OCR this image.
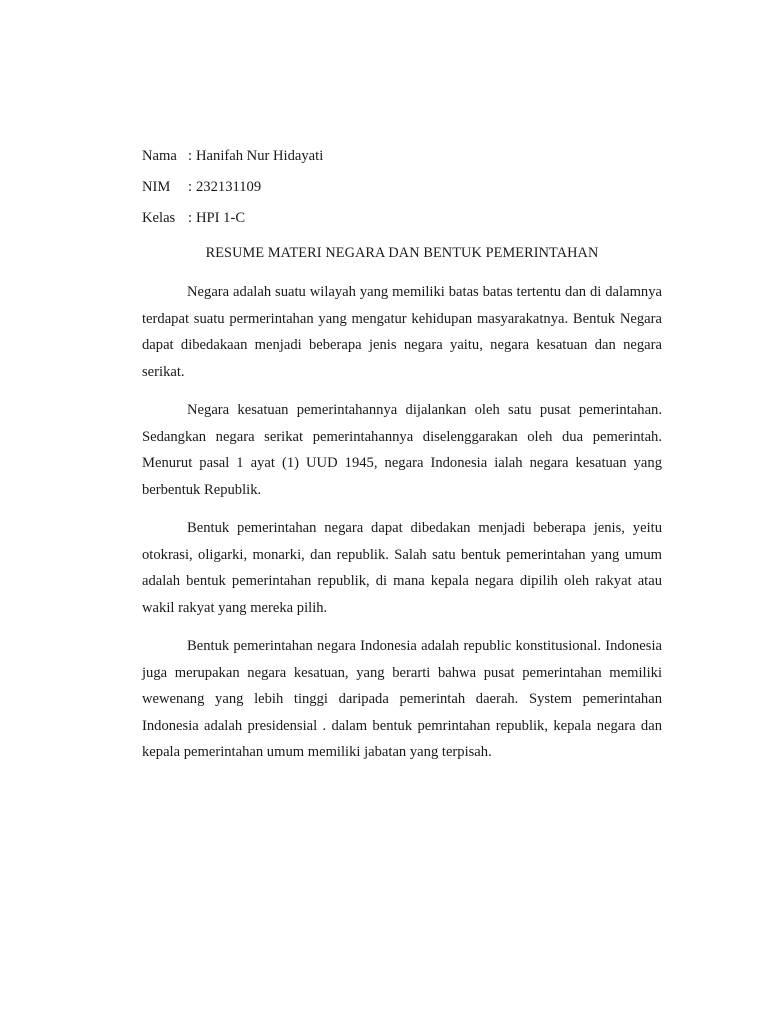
Nama : Hanifah Nur Hidayati
NIM	: 232131109
Kelas : HPI 1-C
RESUME MATERI NEGARA DAN BENTUK PEMERINTAHAN

Negara adalah suatu wilayah yang memiliki batas batas tertentu dan di dalamnya terdapat suatu permerintahan yang mengatur kehidupan masyarakatnya. Bentuk Negara dapat dibedakaan menjadi beberapa jenis negara yaitu, negara kesatuan dan negara serikat.

Negara kesatuan pemerintahannya dijalankan oleh satu pusat pemerintahan. Sedangkan negara serikat pemerintahannya diselenggarakan oleh dua pemerintah. Menurut pasal 1 ayat (1) UUD 1945, negara Indonesia ialah negara kesatuan yang berbentuk Republik.

Bentuk pemerintahan negara dapat dibedakan menjadi beberapa jenis, yeitu otokrasi, oligarki, monarki, dan republik. Salah satu bentuk pemerintahan yang umum adalah bentuk pemerintahan republik, di mana kepala negara dipilih oleh rakyat atau wakil rakyat yang mereka pilih.

Bentuk pemerintahan negara Indonesia adalah republic konstitusional. Indonesia juga merupakan negara kesatuan, yang berarti bahwa pusat pemerintahan memiliki wewenang yang lebih tinggi daripada pemerintah daerah. System pemerintahan Indonesia adalah presidensial . dalam bentuk pemrintahan republik, kepala negara dan kepala pemerintahan umum memiliki jabatan yang terpisah.
